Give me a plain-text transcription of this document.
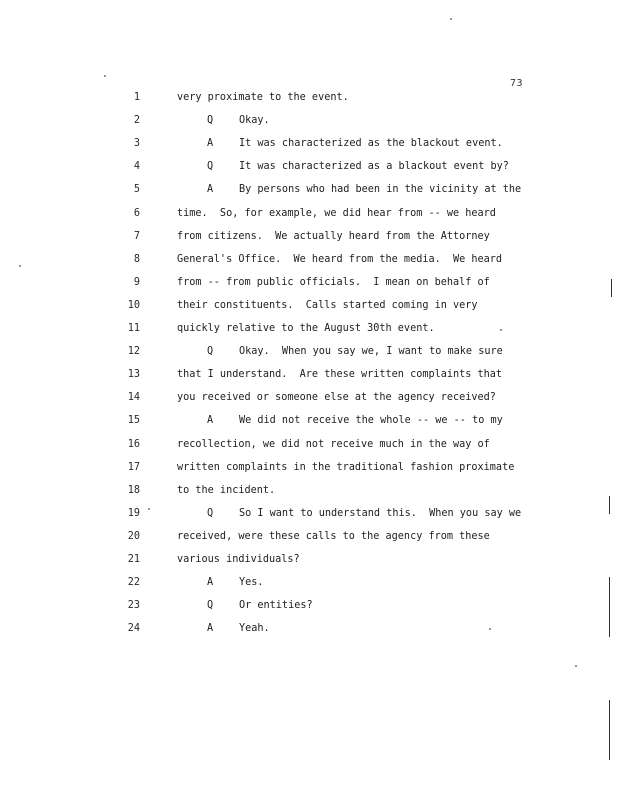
73
1	very proximate to the event.
2	Q	Okay.
3	A	It was characterized as the blackout event.
4	Q	It was characterized as a blackout event by?
5	A	By persons who had been in the vicinity at the
6	time.  So, for example, we did hear from -- we heard
7	from citizens.  We actually heard from the Attorney
8	General's Office.  We heard from the media.  We heard
9	from -- from public officials.  I mean on behalf of
10	their constituents.  Calls started coming in very
11	quickly relative to the August 30th event.
12	Q	Okay.  When you say we, I want to make sure
13	that I understand.  Are these written complaints that
14	you received or someone else at the agency received?
15	A	We did not receive the whole -- we -- to my
16	recollection, we did not receive much in the way of
17	written complaints in the traditional fashion proximate
18	to the incident.
19	Q	So I want to understand this.  When you say we
20	received, were these calls to the agency from these
21	various individuals?
22	A	Yes.
23	Q	Or entities?
24	A	Yeah.
